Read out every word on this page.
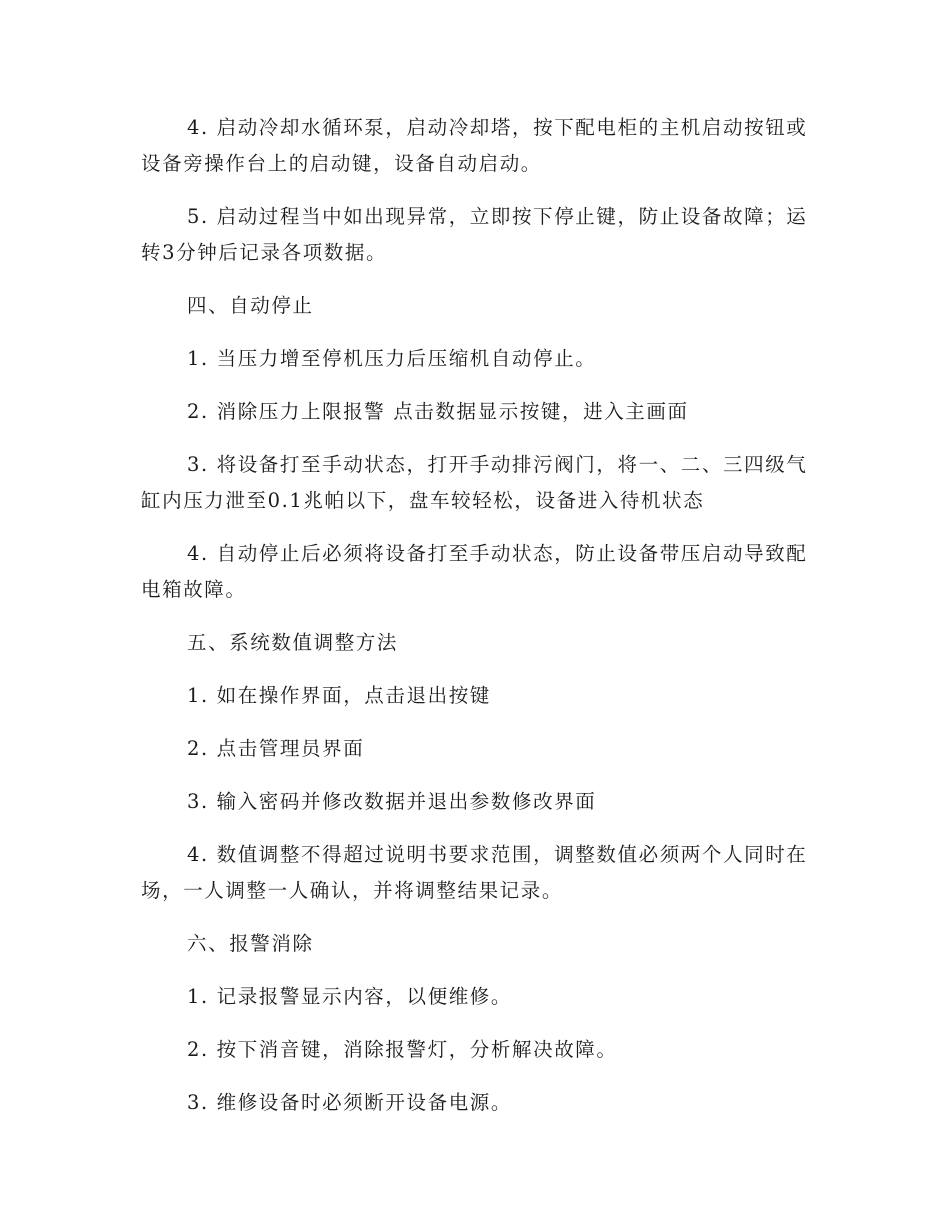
4. 启动冷却水循环泵，启动冷却塔，按下配电柜的主机启动按钮或设备旁操作台上的启动键，设备自动启动。

5. 启动过程当中如出现异常，立即按下停止键，防止设备故障；运转3分钟后记录各项数据。

四、自动停止

1. 当压力增至停机压力后压缩机自动停止。

2. 消除压力上限报警 点击数据显示按键，进入主画面

3. 将设备打至手动状态，打开手动排污阀门，将一、二、三四级气缸内压力泄至0.1兆帕以下，盘车较轻松，设备进入待机状态

4. 自动停止后必须将设备打至手动状态，防止设备带压启动导致配电箱故障。

五、系统数值调整方法

1. 如在操作界面，点击退出按键

2. 点击管理员界面

3. 输入密码并修改数据并退出参数修改界面

4. 数值调整不得超过说明书要求范围，调整数值必须两个人同时在场，一人调整一人确认，并将调整结果记录。

六、报警消除

1. 记录报警显示内容，以便维修。

2. 按下消音键，消除报警灯，分析解决故障。

3. 维修设备时必须断开设备电源。
